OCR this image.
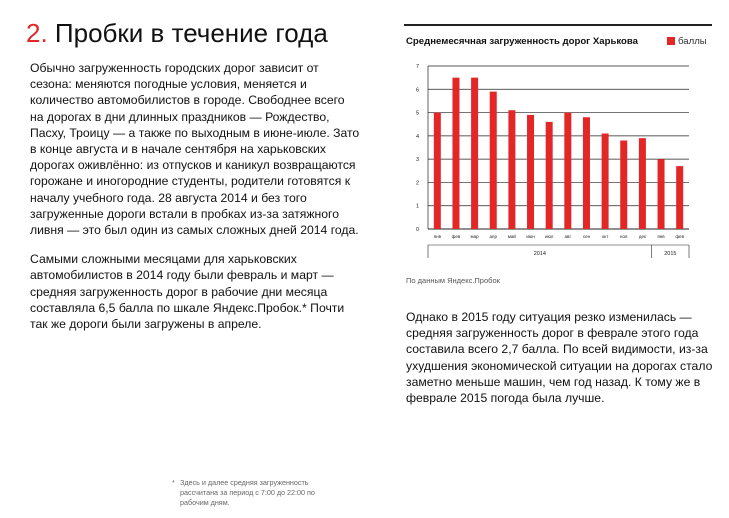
2. Пробки в течение года

Обычно загруженность городских дорог зависит от сезона: меняются погодные условия, меняется и количество автомобилистов в городе. Свободнее всего на дорогах в дни длинных праздников — Рождество, Пасху, Троицу — а также по выходным в июне-июле. Зато в конце августа и в начале сентября на харьковских дорогах оживлённо: из отпусков и каникул возвращаются горожане и иногородние студенты, родители готовятся к началу учебного года. 28 августа 2014 и без того загруженные дороги встали в пробках из-за затяжного ливня — это был один из самых сложных дней 2014 года.

Самыми сложными месяцами для харьковских автомобилистов в 2014 году были февраль и март — средняя загруженность дорог в рабочие дни месяца составляла 6,5 балла по шкале Яндекс.Пробок.* Почти так же дороги были загружены в апреле.

Среднемесячная загруженность дорог Харькова	баллы
0
1
2
3
4
5
6
7
янв фев мар апр май июн июл авг	сен	окт	ноя	дек	янв фев
2014	2015
По данным Яндекс.Пробок

Однако в 2015 году ситуация резко изменилась — средняя загруженность дорог в феврале этого года составила всего 2,7 балла. По всей видимости, из-за ухудшения экономической ситуации на дорогах стало заметно меньше машин, чем год назад. К тому же в феврале 2015 погода была лучше.

* Здесь и далее средняя загруженность рассчитана за период с 7:00 до 22:00 по рабочим дням.
